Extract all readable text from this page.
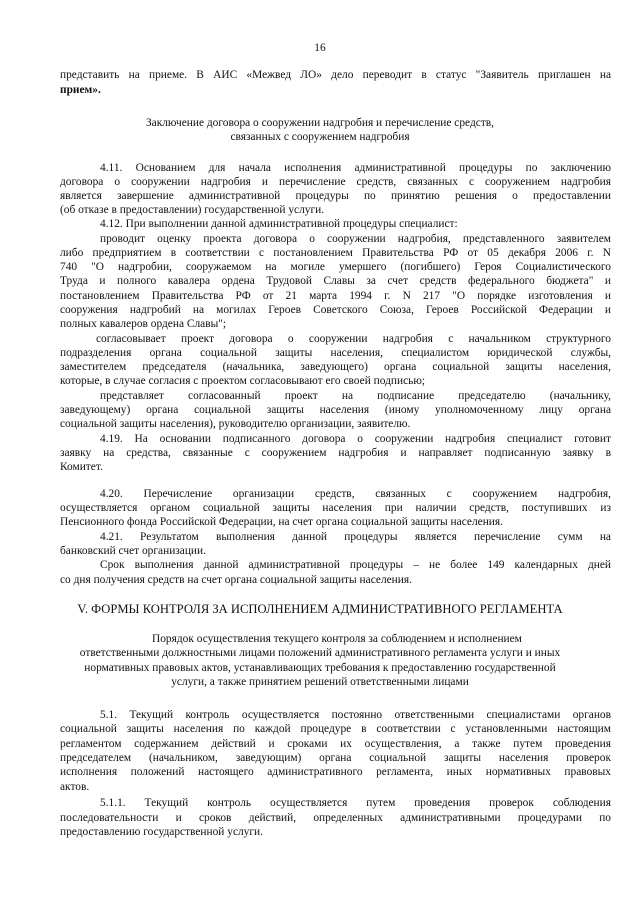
16
представить на приеме. В АИС «Межвед ЛО» дело переводит в статус "Заявитель приглашен на
прием».
Заключение договора о сооружении надгробия и перечисление средств,
связанных с сооружением надгробия
4.11. Основанием для начала исполнения административной процедуры по заключению
договора о сооружении надгробия и перечисление средств, связанных с сооружением надгробия
является завершение административной процедуры по принятию решения о предоставлении
(об отказе в предоставлении) государственной услуги.
4.12. При выполнении данной административной процедуры специалист:
проводит оценку проекта договора о сооружении надгробия, представленного заявителем
либо предприятием в соответствии с постановлением Правительства РФ от 05 декабря 2006 г. N
740 "О надгробии, сооружаемом на могиле умершего (погибшего) Героя Социалистического
Труда и полного кавалера ордена Трудовой Славы за счет средств федерального бюджета" и
постановлением Правительства РФ от 21 марта 1994 г. N 217 "О порядке изготовления и
сооружения надгробий на могилах Героев Советского Союза, Героев Российской Федерации и
полных кавалеров ордена Славы";
согласовывает проект договора о сооружении надгробия с начальником структурного
подразделения органа социальной защиты населения, специалистом юридической службы,
заместителем председателя (начальника, заведующего) органа социальной защиты населения,
которые, в случае согласия с проектом согласовывают его своей подписью;
представляет согласованный проект на подписание председателю (начальнику,
заведующему) органа социальной защиты населения (иному уполномоченному лицу органа
социальной защиты населения), руководителю организации, заявителю.
4.19. На основании подписанного договора о сооружении надгробия специалист готовит
заявку на средства, связанные с сооружением надгробия и направляет подписанную заявку в
Комитет.
4.20. Перечисление организации средств, связанных с сооружением надгробия,
осуществляется органом социальной защиты населения при наличии средств, поступивших из
Пенсионного фонда Российской Федерации, на счет органа социальной защиты населения.
4.21. Результатом выполнения данной процедуры является перечисление сумм на
банковский счет организации.
Срок выполнения данной административной процедуры – не более 149 календарных дней
со дня получения средств на счет органа социальной защиты населения.
V. ФОРМЫ КОНТРОЛЯ ЗА ИСПОЛНЕНИЕМ АДМИНИСТРАТИВНОГО РЕГЛАМЕНТА
Порядок осуществления текущего контроля за соблюдением и исполнением
ответственными должностными лицами положений административного регламента услуги и иных
нормативных правовых актов, устанавливающих требования к предоставлению государственной
услуги, а также принятием решений ответственными лицами
5.1. Текущий контроль осуществляется постоянно ответственными специалистами органов
социальной защиты населения по каждой процедуре в соответствии с установленными настоящим
регламентом содержанием действий и сроками их осуществления, а также путем проведения
председателем (начальником, заведующим) органа социальной защиты населения проверок
исполнения положений настоящего административного регламента, иных нормативных правовых
актов.
5.1.1. Текущий контроль осуществляется путем проведения проверок соблюдения
последовательности и сроков действий, определенных административными процедурами по
предоставлению государственной услуги.
